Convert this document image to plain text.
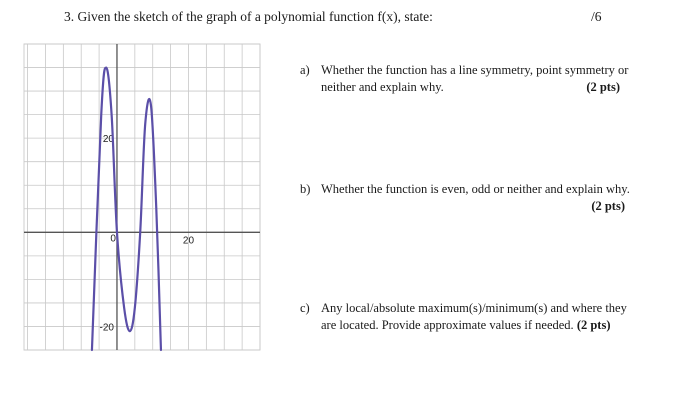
20
-20
20
0
3. Given the sketch of the graph of a polynomial function f(x), state:	/6
a) Whether the function has a line symmetry, point symmetry or
neither and explain why.	(2 pts)
b) Whether the function is even, odd or neither and explain why.
(2 pts)
c) Any local/absolute maximum(s)/minimum(s) and where they
are located. Provide approximate values if needed. (2 pts)
